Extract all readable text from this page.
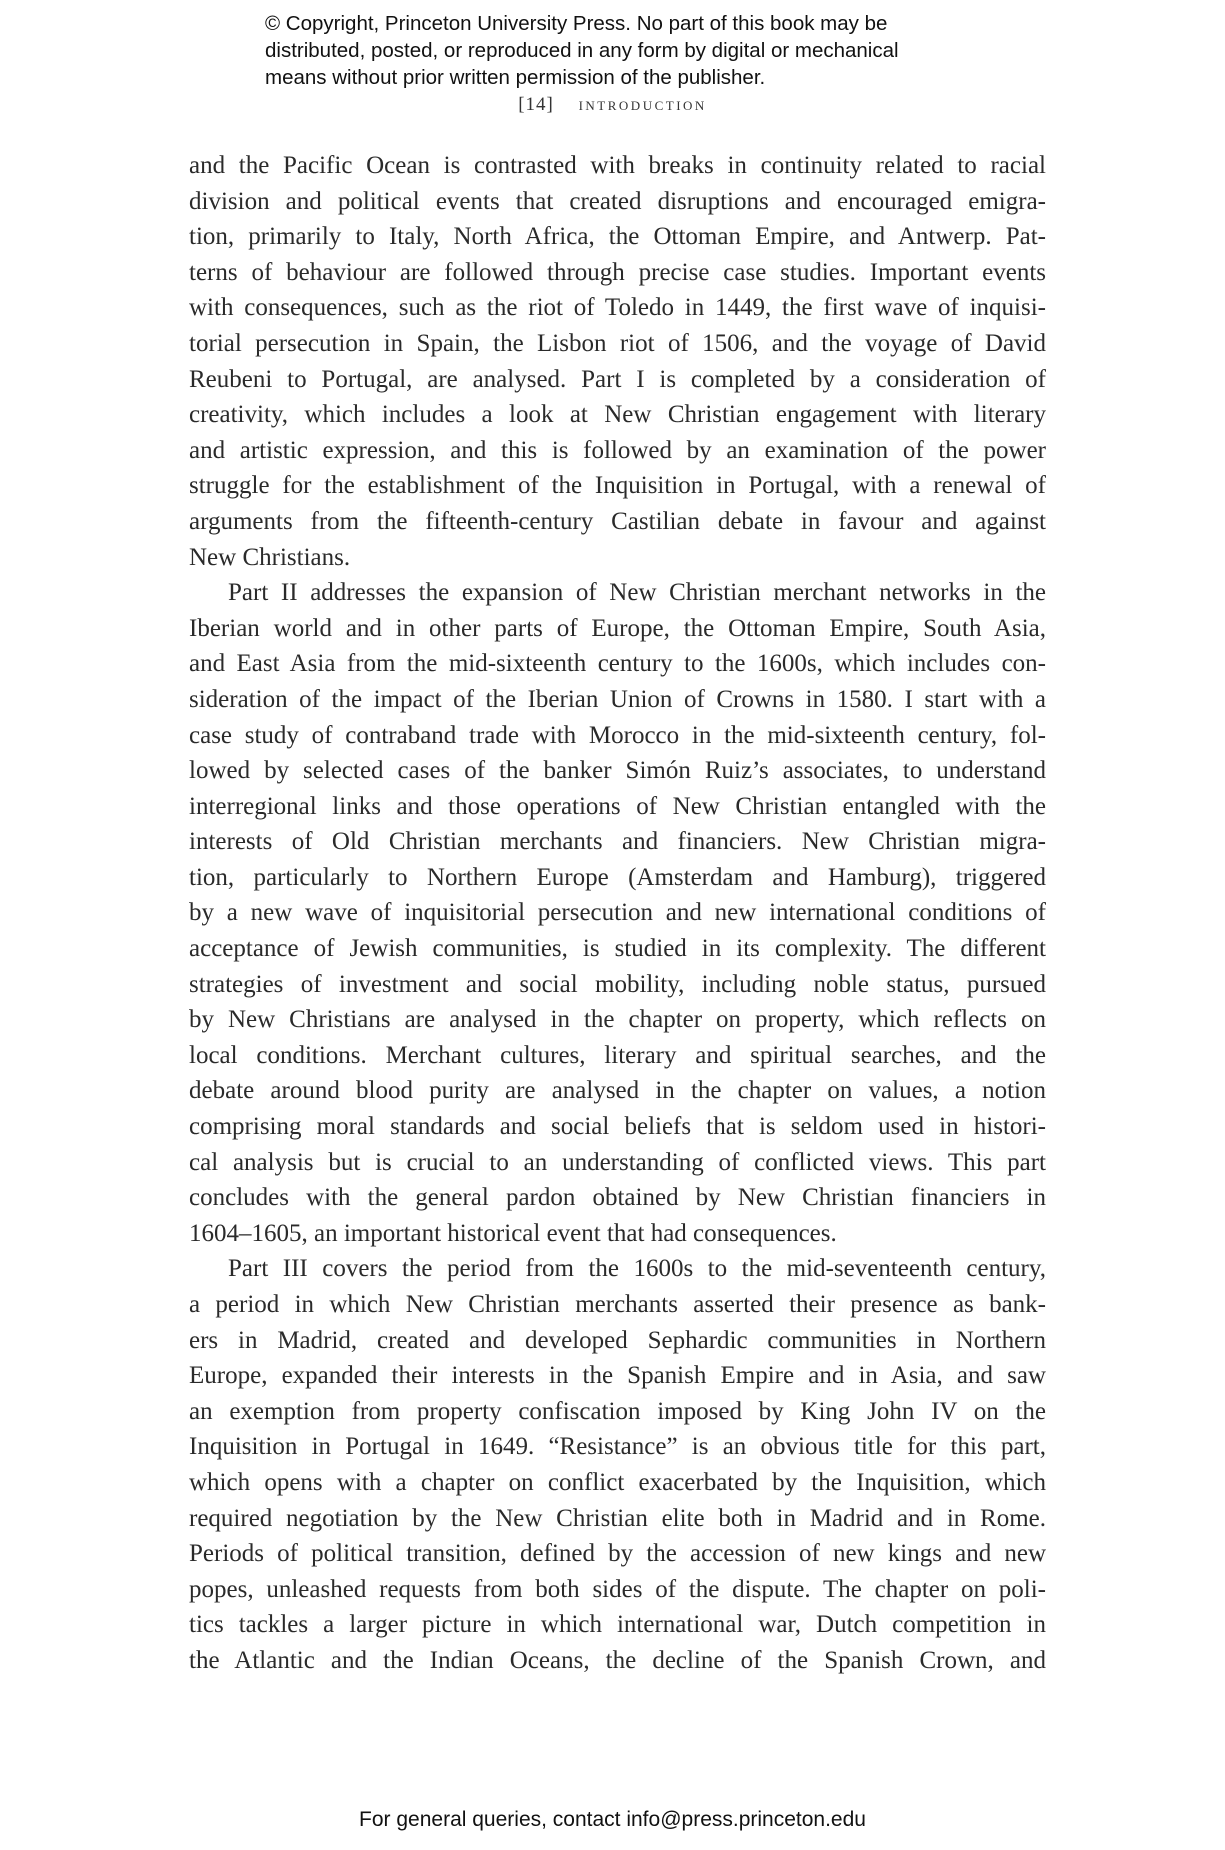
© Copyright, Princeton University Press. No part of this book may be
distributed, posted, or reproduced in any form by digital or mechanical
means without prior written permission of the publisher.
[14] introduction
and the Pacific Ocean is contrasted with breaks in continuity related to racial
division and political events that created disruptions and encouraged emigra-
tion, primarily to Italy, North Africa, the Ottoman Empire, and Antwerp. Pat-
terns of behaviour are followed through precise case studies. Important events
with consequences, such as the riot of Toledo in 1449, the first wave of inquisi-
torial persecution in Spain, the Lisbon riot of 1506, and the voyage of David
Reubeni to Portugal, are analysed. Part I is completed by a consideration of
creativity, which includes a look at New Christian engagement with literary
and artistic expression, and this is followed by an examination of the power
struggle for the establishment of the Inquisition in Portugal, with a renewal of
arguments from the fifteenth-century Castilian debate in favour and against
New Christians.
Part II addresses the expansion of New Christian merchant networks in the
Iberian world and in other parts of Europe, the Ottoman Empire, South Asia,
and East Asia from the mid-sixteenth century to the 1600s, which includes con-
sideration of the impact of the Iberian Union of Crowns in 1580. I start with a
case study of contraband trade with Morocco in the mid-sixteenth century, fol-
lowed by selected cases of the banker Simón Ruiz’s associates, to understand
interregional links and those operations of New Christian entangled with the
interests of Old Christian merchants and financiers. New Christian migra-
tion, particularly to Northern Europe (Amsterdam and Hamburg), triggered
by a new wave of inquisitorial persecution and new international conditions of
acceptance of Jewish communities, is studied in its complexity. The different
strategies of investment and social mobility, including noble status, pursued
by New Christians are analysed in the chapter on property, which reflects on
local conditions. Merchant cultures, literary and spiritual searches, and the
debate around blood purity are analysed in the chapter on values, a notion
comprising moral standards and social beliefs that is seldom used in histori-
cal analysis but is crucial to an understanding of conflicted views. This part
concludes with the general pardon obtained by New Christian financiers in
1604–1605, an important historical event that had consequences.
Part III covers the period from the 1600s to the mid-seventeenth century,
a period in which New Christian merchants asserted their presence as bank-
ers in Madrid, created and developed Sephardic communities in Northern
Europe, expanded their interests in the Spanish Empire and in Asia, and saw
an exemption from property confiscation imposed by King John IV on the
Inquisition in Portugal in 1649. “Resistance” is an obvious title for this part,
which opens with a chapter on conflict exacerbated by the Inquisition, which
required negotiation by the New Christian elite both in Madrid and in Rome.
Periods of political transition, defined by the accession of new kings and new
popes, unleashed requests from both sides of the dispute. The chapter on poli-
tics tackles a larger picture in which international war, Dutch competition in
the Atlantic and the Indian Oceans, the decline of the Spanish Crown, and
For general queries, contact info@press.princeton.edu
